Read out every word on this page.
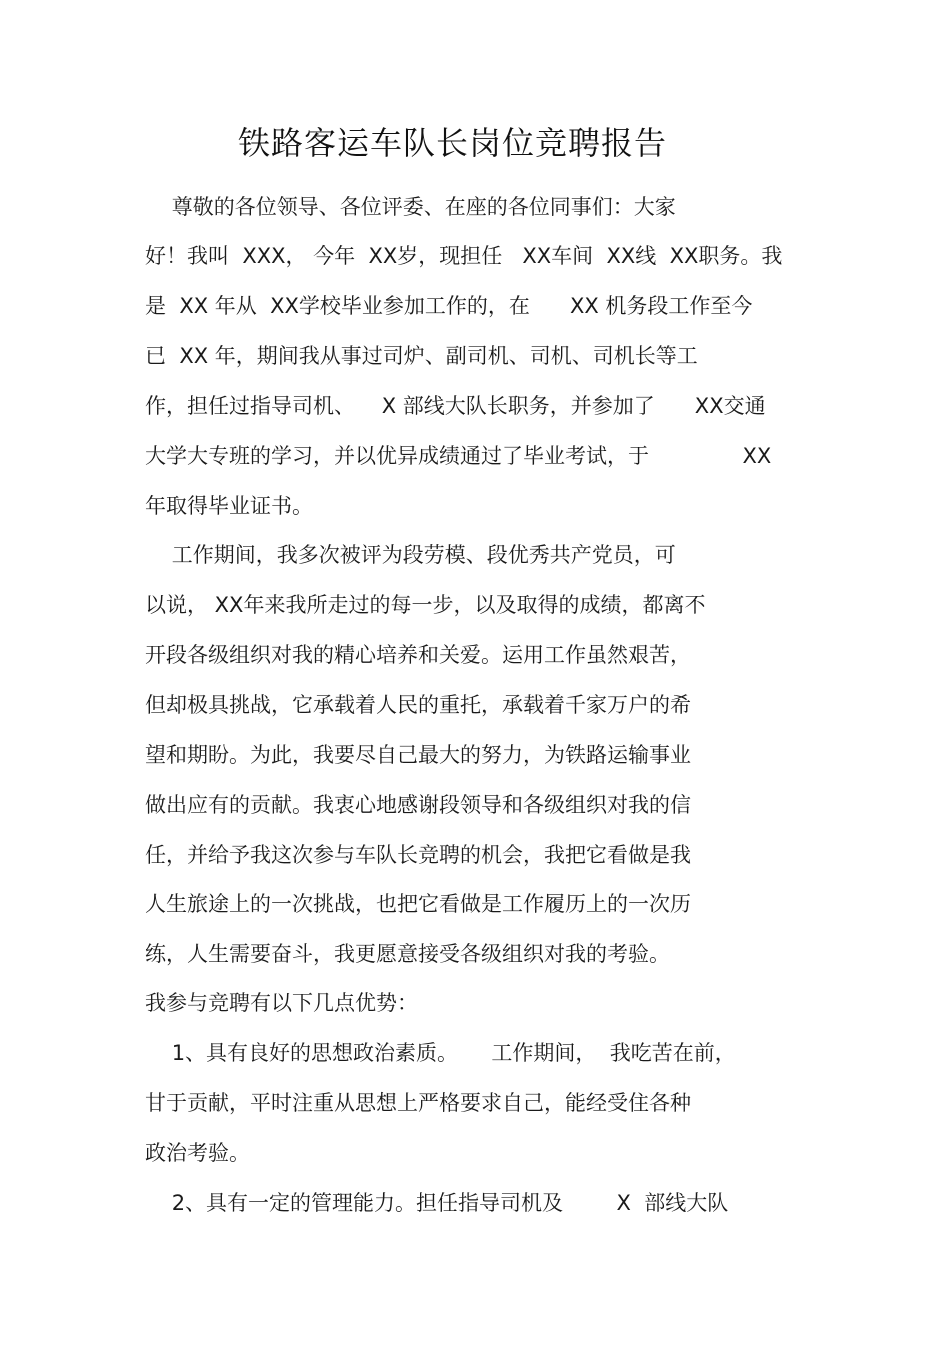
铁路客运车队长岗位竞聘报告
尊敬的各位领导、各位评委、在座的各位同事们：大家
好！我叫  XXX， 今年  XX岁，现担任   XX车间  XX线  XX职务。我
是  XX 年从  XX学校毕业参加工作的，在      XX 机务段工作至今
已  XX 年，期间我从事过司炉、副司机、司机、司机长等工
作，担任过指导司机、    X 部线大队长职务，并参加了      XX交通
大学大专班的学习，并以优异成绩通过了毕业考试，于              XX
年取得毕业证书。
工作期间，我多次被评为段劳模、段优秀共产党员，可
以说， XX年来我所走过的每一步，以及取得的成绩，都离不
开段各级组织对我的精心培养和关爱。运用工作虽然艰苦，
但却极具挑战，它承载着人民的重托，承载着千家万户的希
望和期盼。为此，我要尽自己最大的努力，为铁路运输事业
做出应有的贡献。我衷心地感谢段领导和各级组织对我的信
任，并给予我这次参与车队长竞聘的机会，我把它看做是我
人生旅途上的一次挑战，也把它看做是工作履历上的一次历
练，人生需要奋斗，我更愿意接受各级组织对我的考验。
我参与竞聘有以下几点优势：
1、具有良好的思想政治素质。     工作期间，  我吃苦在前，
甘于贡献，平时注重从思想上严格要求自己，能经受住各种
政治考验。
2、具有一定的管理能力。担任指导司机及        X  部线大队
